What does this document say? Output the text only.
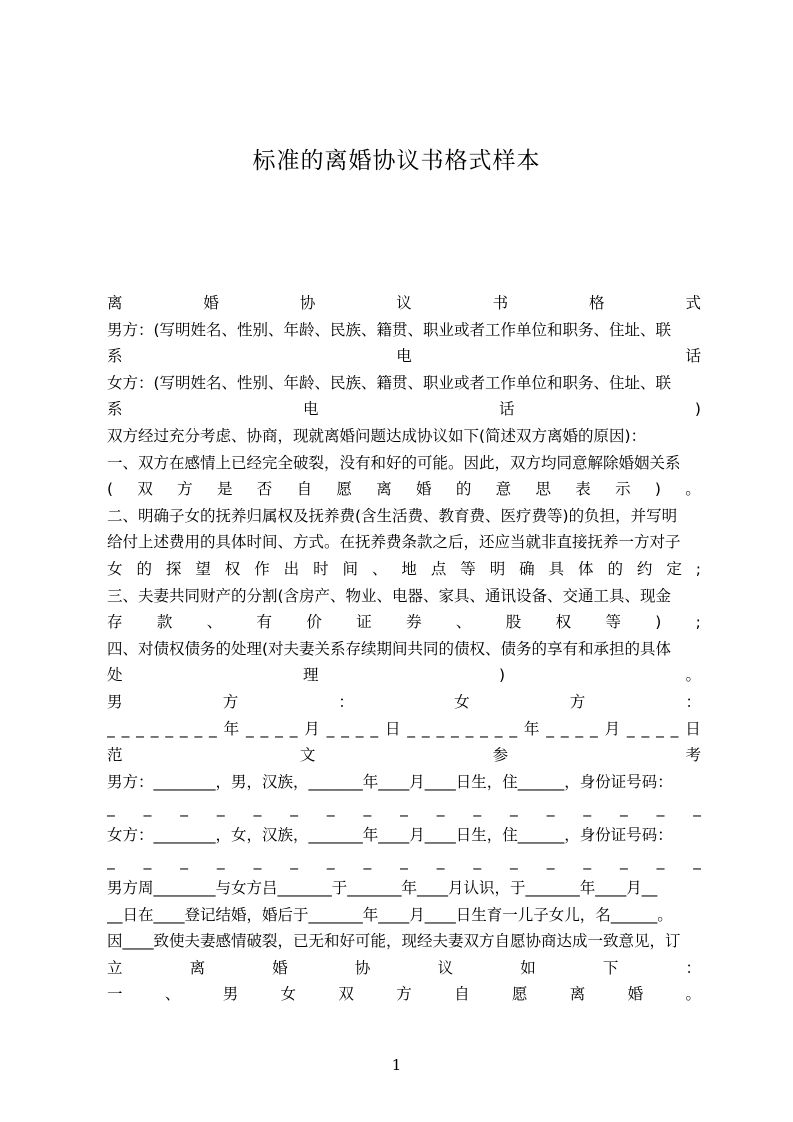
标准的离婚协议书格式样本
离	婚	协	议	书	格	式
男方：(写明姓名、性别、年龄、民族、籍贯、职业或者工作单位和职务、住址、联
系	电	话
女方：(写明姓名、性别、年龄、民族、籍贯、职业或者工作单位和职务、住址、联
系	电	话	)
双方经过充分考虑、协商，现就离婚问题达成协议如下(简述双方离婚的原因)：
一、双方在感情上已经完全破裂，没有和好的可能。因此，双方均同意解除婚姻关系
( 双 方 是 否 自 愿 离 婚 的 意 思 表 示 ) 。
二、明确子女的抚养归属权及抚养费(含生活费、教育费、医疗费等)的负担，并写明
给付上述费用的具体时间、方式。在抚养费条款之后，还应当就非直接抚养一方对子
女 的 探 望 权 作 出 时 间 、 地 点 等 明 确 具 体 的 约 定 ;
三、夫妻共同财产的分割(含房产、物业、电器、家具、通讯设备、交通工具、现金
存 款 、 有 价 证 券 、 股 权 等 ) ;
四、对债权债务的处理(对夫妻关系存续期间共同的债权、债务的享有和承担的具体
处	理	)	。
男	方	：	女	方	：
_ _ _ _ _ _ _ _ 年 _ _ _ _ 月 _ _ _ _ 日 _ _ _ _ _ _ _ _ 年 _ _ _ _ 月 _ _ _ _ 日
范	文	参	考
男方：________，男，汉族，_______年____月____日生，住______，身份证号码：
_ _ _ _ _ _ _ _ _ _ _ _ _ _ _ _ _
女方：________，女，汉族，_______年____月____日生，住______，身份证号码：
_ _ _ _ _ _ _ _ _ _ _ _ _ _ _ _ _
男方周________与女方吕_______于_______年____月认识，于_______年____月__
__日在____登记结婚，婚后于_______年____月____日生育一儿子女儿，名______。
因____致使夫妻感情破裂，已无和好可能，现经夫妻双方自愿协商达成一致意见，订
立	离	婚	协	议	如	下	：
一	、	男	女	双	方	自	愿	离	婚	。
1
